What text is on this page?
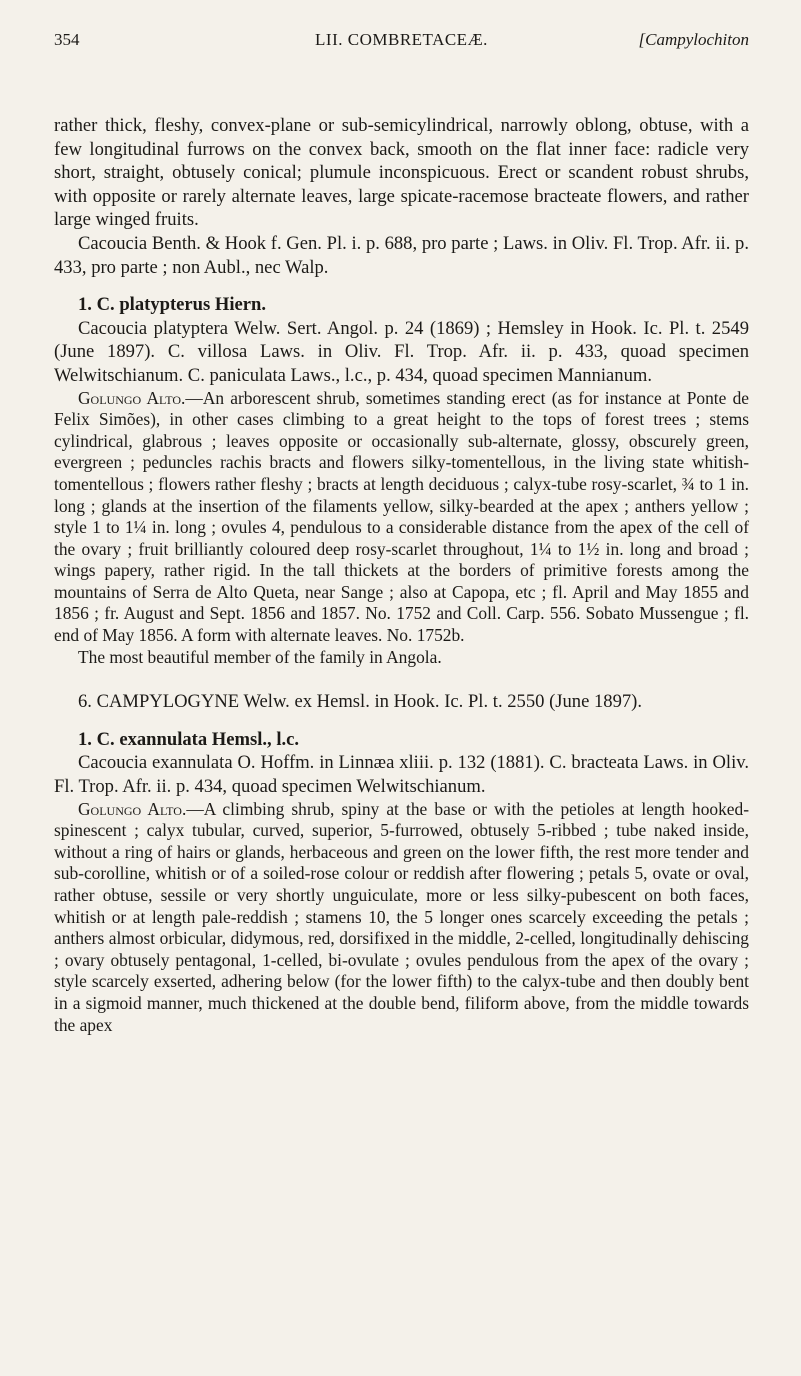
354	LII. COMBRETACEÆ.	[Campylochiton

rather thick, fleshy, convex-plane or sub-semicylindrical, narrowly oblong, obtuse, with a few longitudinal furrows on the convex back, smooth on the flat inner face: radicle very short, straight, obtusely conical; plumule inconspicuous. Erect or scandent robust shrubs, with opposite or rarely alternate leaves, large spicate-racemose bracteate flowers, and rather large winged fruits.

Cacoucia Benth. & Hook f. Gen. Pl. i. p. 688, pro parte ; Laws. in Oliv. Fl. Trop. Afr. ii. p. 433, pro parte ; non Aubl., nec Walp.

1. C. platypterus Hiern.

Cacoucia platyptera Welw. Sert. Angol. p. 24 (1869) ; Hemsley in Hook. Ic. Pl. t. 2549 (June 1897). C. villosa Laws. in Oliv. Fl. Trop. Afr. ii. p. 433, quoad specimen Welwitschianum. C. paniculata Laws., l.c., p. 434, quoad specimen Mannianum.

Golungo Alto.—An arborescent shrub, sometimes standing erect (as for instance at Ponte de Felix Simões), in other cases climbing to a great height to the tops of forest trees ; stems cylindrical, glabrous ; leaves opposite or occasionally sub-alternate, glossy, obscurely green, evergreen ; peduncles rachis bracts and flowers silky-tomentellous, in the living state whitish-tomentellous ; flowers rather fleshy ; bracts at length deciduous ; calyx-tube rosy-scarlet, ¾ to 1 in. long ; glands at the insertion of the filaments yellow, silky-bearded at the apex ; anthers yellow ; style 1 to 1¼ in. long ; ovules 4, pendulous to a considerable distance from the apex of the cell of the ovary ; fruit brilliantly coloured deep rosy-scarlet throughout, 1¼ to 1½ in. long and broad ; wings papery, rather rigid. In the tall thickets at the borders of primitive forests among the mountains of Serra de Alto Queta, near Sange ; also at Capopa, etc ; fl. April and May 1855 and 1856 ; fr. August and Sept. 1856 and 1857. No. 1752 and Coll. Carp. 556. Sobato Mussengue ; fl. end of May 1856. A form with alternate leaves. No. 1752b.

The most beautiful member of the family in Angola.

6. CAMPYLOGYNE Welw. ex Hemsl. in Hook. Ic. Pl. t. 2550 (June 1897).

1. C. exannulata Hemsl., l.c.

Cacoucia exannulata O. Hoffm. in Linnæa xliii. p. 132 (1881). C. bracteata Laws. in Oliv. Fl. Trop. Afr. ii. p. 434, quoad specimen Welwitschianum.

Golungo Alto.—A climbing shrub, spiny at the base or with the petioles at length hooked-spinescent ; calyx tubular, curved, superior, 5-furrowed, obtusely 5-ribbed ; tube naked inside, without a ring of hairs or glands, herbaceous and green on the lower fifth, the rest more tender and sub-corolline, whitish or of a soiled-rose colour or reddish after flowering ; petals 5, ovate or oval, rather obtuse, sessile or very shortly unguiculate, more or less silky-pubescent on both faces, whitish or at length pale-reddish ; stamens 10, the 5 longer ones scarcely exceeding the petals ; anthers almost orbicular, didymous, red, dorsifixed in the middle, 2-celled, longitudinally dehiscing ; ovary obtusely pentagonal, 1-celled, bi-ovulate ; ovules pendulous from the apex of the ovary ; style scarcely exserted, adhering below (for the lower fifth) to the calyx-tube and then doubly bent in a sigmoid manner, much thickened at the double bend, filiform above, from the middle towards the apex
